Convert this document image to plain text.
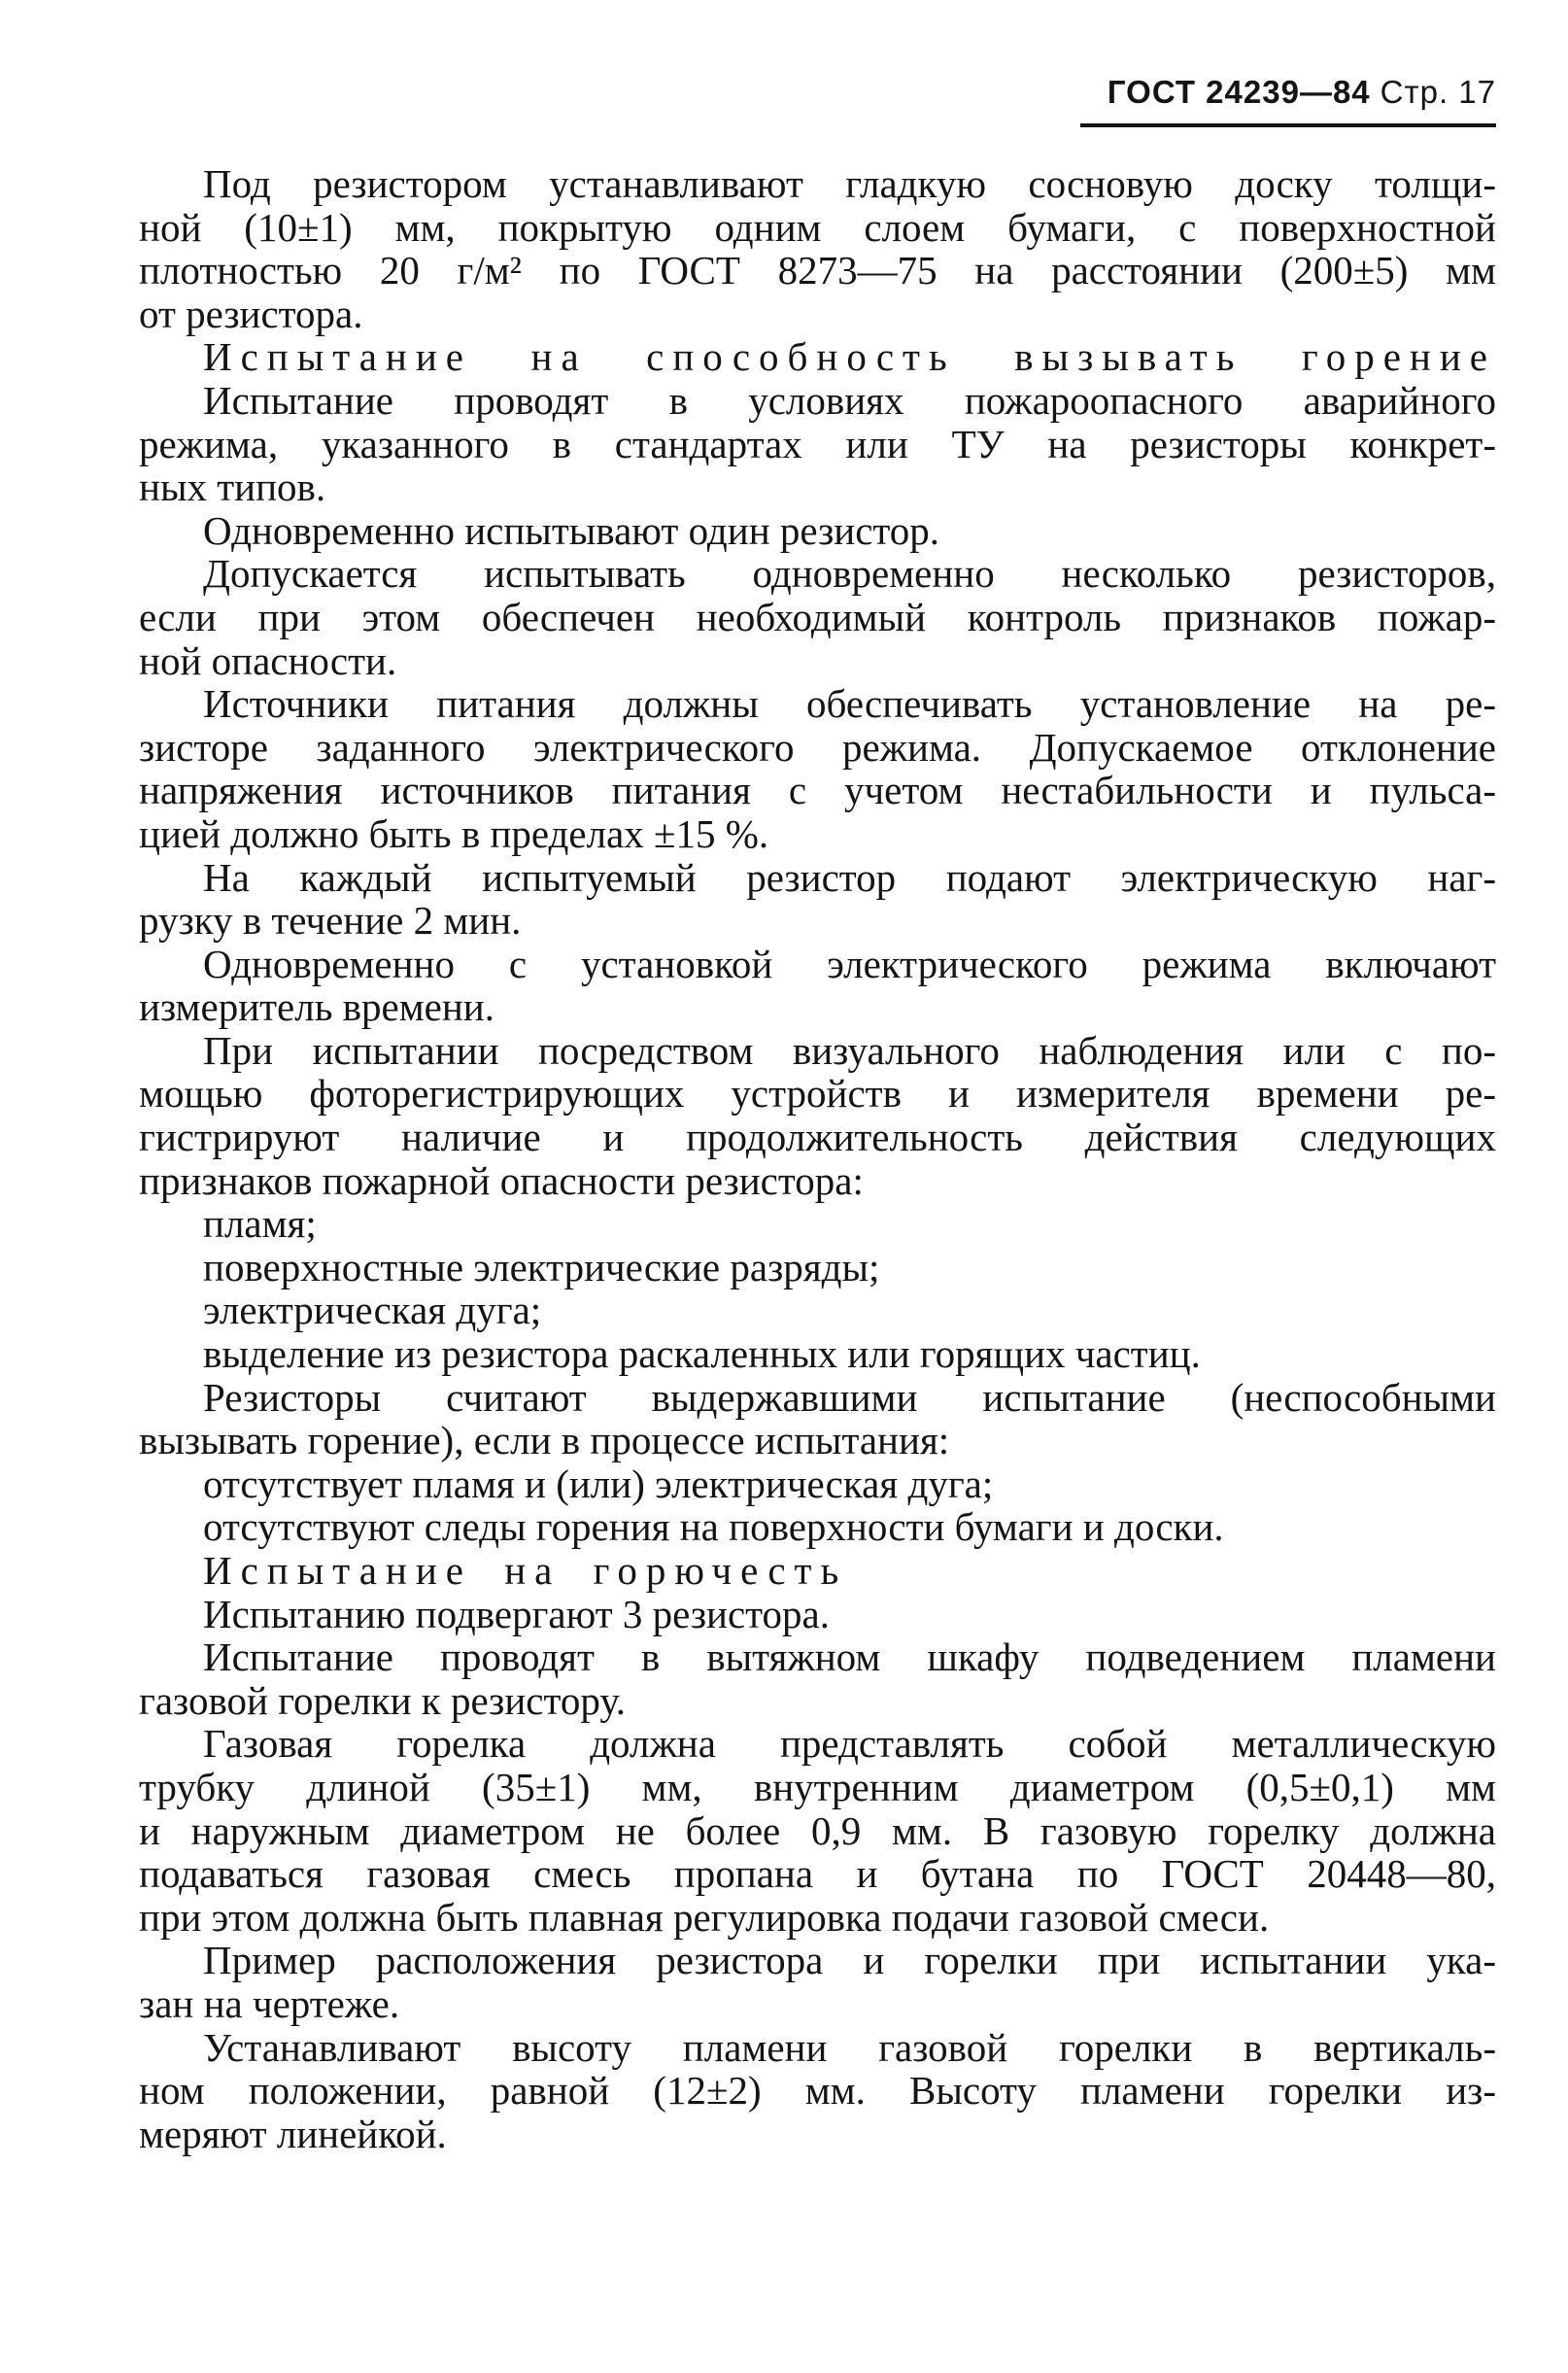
ГОСТ 24239—84 Стр. 17

Под резистором устанавливают гладкую сосновую доску толщи-

ной (10±1) мм, покрытую одним слоем бумаги, с поверхностной

плотностью 20 г/м² по ГОСТ 8273—75 на расстоянии (200±5) мм

от резистора.

Испытание на способность вызывать горение

Испытание проводят в условиях пожароопасного аварийного

режима, указанного в стандартах или ТУ на резисторы конкрет-

ных типов.

Одновременно испытывают один резистор.

Допускается испытывать одновременно несколько резисторов,

если при этом обеспечен необходимый контроль признаков пожар-

ной опасности.

Источники питания должны обеспечивать установление на ре-

зисторе заданного электрического режима. Допускаемое отклонение

напряжения источников питания с учетом нестабильности и пульса-

цией должно быть в пределах ±15 %.

На каждый испытуемый резистор подают электрическую наг-

рузку в течение 2 мин.

Одновременно с установкой электрического режима включают

измеритель времени.

При испытании посредством визуального наблюдения или с по-

мощью фоторегистрирующих устройств и измерителя времени ре-

гистрируют наличие и продолжительность действия следующих

признаков пожарной опасности резистора:

пламя;

поверхностные электрические разряды;

электрическая дуга;

выделение из резистора раскаленных или горящих частиц.

Резисторы считают выдержавшими испытание (неспособными

вызывать горение), если в процессе испытания:

отсутствует пламя и (или) электрическая дуга;

отсутствуют следы горения на поверхности бумаги и доски.

Испытание на горючесть

Испытанию подвергают 3 резистора.

Испытание проводят в вытяжном шкафу подведением пламени

газовой горелки к резистору.

Газовая горелка должна представлять собой металлическую

трубку длиной (35±1) мм, внутренним диаметром (0,5±0,1) мм

и наружным диаметром не более 0,9 мм. В газовую горелку должна

подаваться газовая смесь пропана и бутана по ГОСТ 20448—80,

при этом должна быть плавная регулировка подачи газовой смеси.

Пример расположения резистора и горелки при испытании ука-

зан на чертеже.

Устанавливают высоту пламени газовой горелки в вертикаль-

ном положении, равной (12±2) мм. Высоту пламени горелки из-

меряют линейкой.
